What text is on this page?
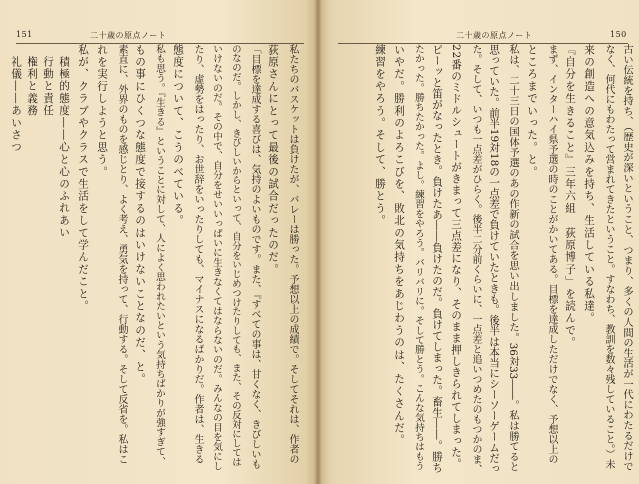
151	二十歳の原点ノート
私たちのバスケットは負けたが、バレーは勝った。予想以上の成績で。そしてそれは、作者の
荻原さんにとって最後の試合だったのだ。
「目標を達成する喜びは、気持のよいものです。また、『すべての事は、甘くなく、きびしいも
のなのだ。しかし、きびしいからといって、自分をいじめつけたりしても、また、その反対にしては
いけないのだ。その中で、自分をせいいっぱいに生きなくてはならないのだ。みんなの目を気にし
たり、虚勢をはったり、お世辞をいったりしても、マイナスになるばかりだ。作者は、生きる
態度について、こうのべている。
私も思う。『生きる』ということに対して、人によく思われたいという気持ちばかりが強すぎて、
もの事にひくつな態度で接するのはいけないことなのだ、と。
素直に、外界のものを感じとり、よく考え、勇気を持って、行動する。そして反省を。私はこ
れを実行しようと思う。
私が、クラブやクラスで生活をして学んだこと。
積極的態度――心と心のふれあい
行動と責任
権利と義務
礼儀――あいさつ
二十歳の原点ノート	150
古い伝統を持ち、（歴史が深いということ、つまり、多くの人間の生活が一代にわたるだけで
なく、何代にもわたって営まれてきたということ。すなわち、教訓を数々残していること。）未
来の創造への意気込みを持ち、生活している私達。
『自分を生きること』三年六組　荻原博子」を読んで。
まず、インターハイ県予選の時のことがかいてある。目標を達成しただけでなく、予想以上の
ところまでいった。と。
私は、二十三日の国体予選のあの作新の試合を思い出しました。36対33――。私は勝てると
思っていた。前半19対18の一点差で負けていたときも。後半は本当にシーソーゲームだっ
た。そして、いつも一点差がひらく。後半二分前くらいに、一点差と追いつめたのもつかのま、
22番のミドルシュートがきまって三点差になり、そのまま押しきられてしまった。
ピーッと笛がなったとき。負けたあ――負けたのだ。負けてしまった。畜生――。勝ち
たかった。勝ちたかった。よし。練習をやろう。バリバリに。そして勝とう。こんな気持ちはもう
いやだ。勝利のよろこびを、敗北の気持ちをあじわうのは、たくさんだ。
練習をやろう。そして、勝とう。
